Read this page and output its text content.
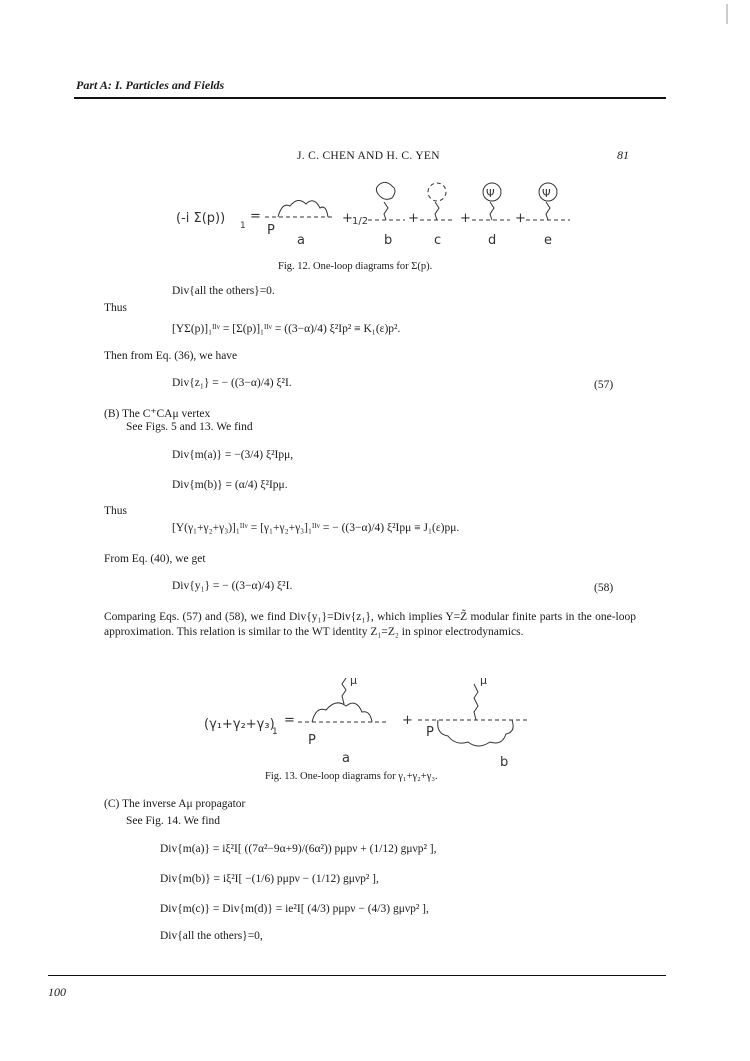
Part A: I. Particles and Fields
J. C. CHEN AND H. C. YEN	81
(-i Σ(p)) 1
=
P
a
+ 1/2
b
+
c
+
Ψ
d
+
Ψ
e
Fig. 12. One-loop diagrams for Σ(p).
Div{all the others}=0.
Thus
[YΣ(p)]₁ᴵᴵᵛ = [Σ(p)]₁ᴵᴵᵛ = ((3−α)/4) ξ²Ip² ≡ K₁(ε)p².
Then from Eq. (36), we have
Div{z₁} = − ((3−α)/4) ξ²I.	(57)
(B) The C⁺CAμ vertex
See Figs. 5 and 13. We find
Div{m(a)} = −(3/4) ξ²Ipμ,
Div{m(b)} = (α/4) ξ²Ipμ.
Thus
[Y(γ₁+γ₂+γ₃)]₁ᴵᴵᵛ = [γ₁+γ₂+γ₃]₁ᴵᴵᵛ = − ((3−α)/4) ξ²Ipμ ≡ J₁(ε)pμ.
From Eq. (40), we get
Div{y₁} = − ((3−α)/4) ξ²I.	(58)
Comparing Eqs. (57) and (58), we find Div{y₁}=Div{z₁}, which implies Y=Z̃ modular finite parts in the one-loop approximation. This relation is similar to the WT identity Z₁=Z₂ in spinor electrodynamics.
(γ₁+γ₂+γ₃)
1
=
μ
P
a
+
μ
P
b
Fig. 13. One-loop diagrams for γ₁+γ₂+γ₃.
(C) The inverse Aμ propagator
See Fig. 14. We find
Div{m(a)} = iξ²I[ ((7α²−9α+9)/(6α²)) pμpν + (1/12) gμνp² ],
Div{m(b)} = iξ²I[ −(1/6) pμpν − (1/12) gμνp² ],
Div{m(c)} = Div{m(d)} = ie²I[ (4/3) pμpν − (4/3) gμνp² ],
Div{all the others}=0,
100
